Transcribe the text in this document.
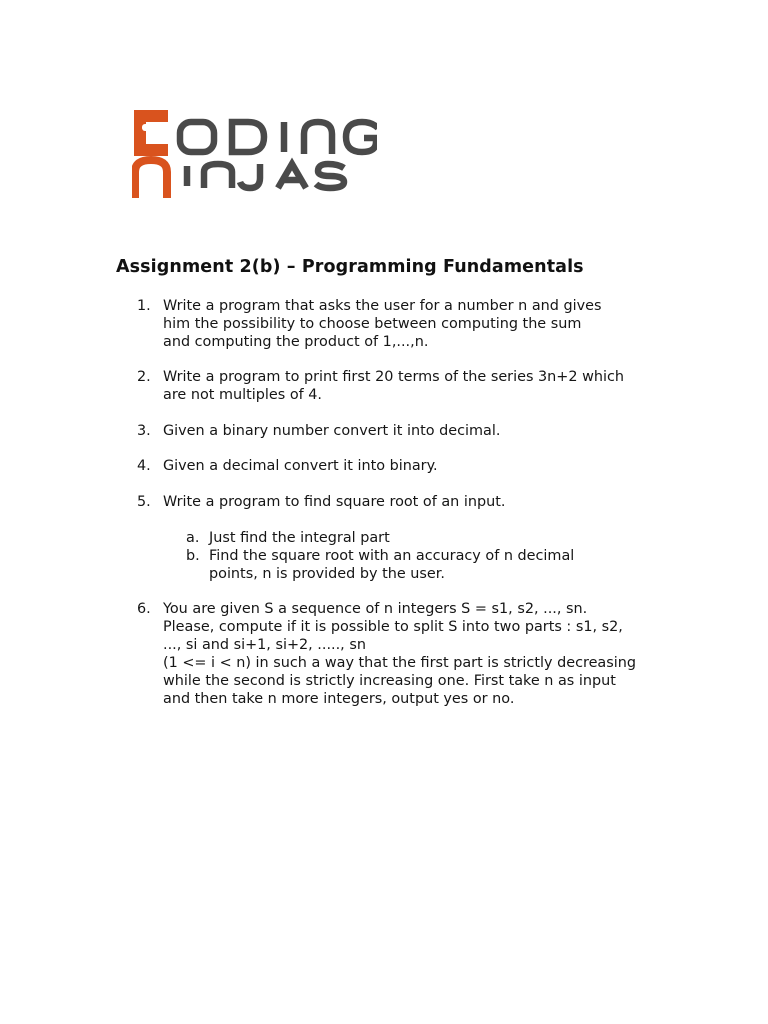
Assignment 2(b) – Programming Fundamentals
1. Write a program that asks the user for a number n and gives
him the possibility to choose between computing the sum
and computing the product of 1,...,n.
2. Write a program to print first 20 terms of the series 3n+2 which
are not multiples of 4.
3. Given a binary number convert it into decimal.
4. Given a decimal convert it into binary.
5. Write a program to find square root of an input.
a. Just find the integral part
b. Find the square root with an accuracy of n decimal
points, n is provided by the user.
6. You are given S a sequence of n integers S = s1, s2, ..., sn.
Please, compute if it is possible to split S into two parts : s1, s2,
..., si and si+1, si+2, ....., sn
(1 <= i < n) in such a way that the first part is strictly decreasing
while the second is strictly increasing one. First take n as input
and then take n more integers, output yes or no.
